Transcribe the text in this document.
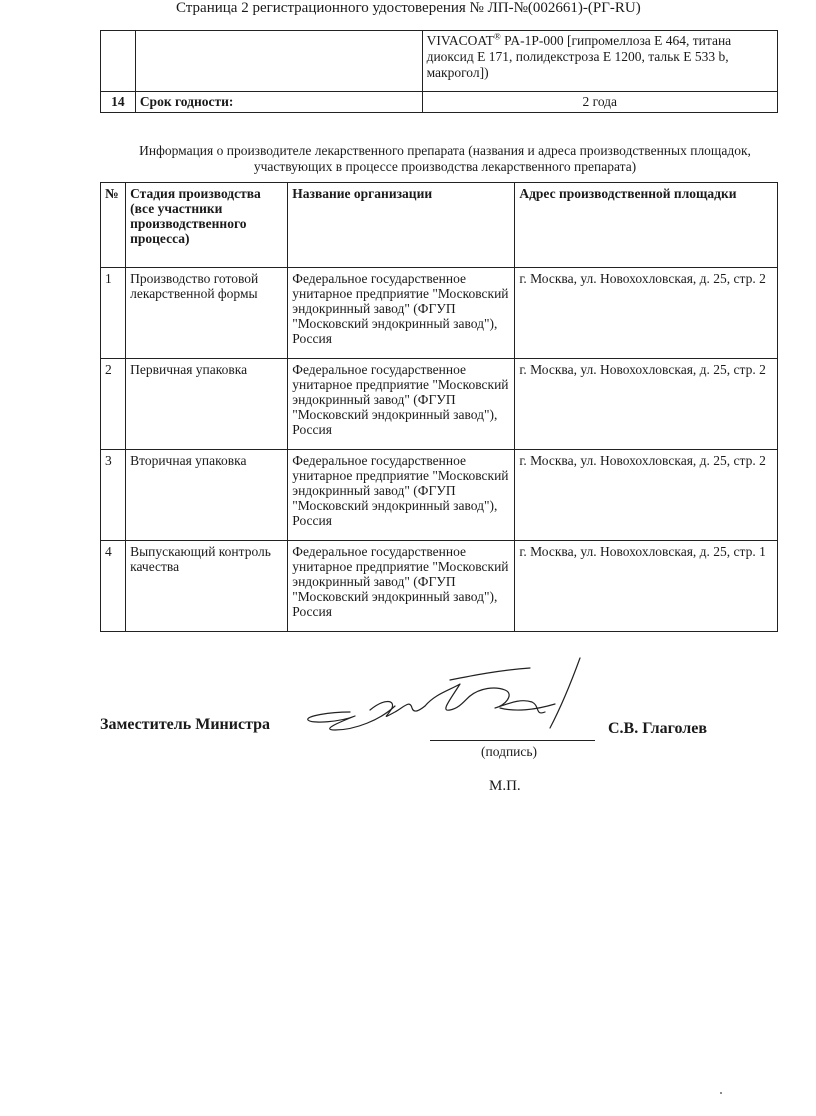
Страница 2 регистрационного удостоверения № ЛП-№(002661)-(РГ-RU)
		VIVACOAT® PA-1P-000 [гипромеллоза Е 464, титана диоксид Е 171, полидекстроза Е 1200, тальк Е 533 b, макрогол])
14	Срок годности:	2 года
Информация о производителе лекарственного препарата (названия и адреса производственных площадок, участвующих в процессе производства лекарственного препарата)
№	Стадия производства (все участники производственного процесса)	Название организации	Адрес производственной площадки
1	Производство готовой лекарственной формы	Федеральное государственное унитарное предприятие "Московский эндокринный завод" (ФГУП "Московский эндокринный завод"), Россия	г. Москва, ул. Новохохловская, д. 25, стр. 2
2	Первичная упаковка	Федеральное государственное унитарное предприятие "Московский эндокринный завод" (ФГУП "Московский эндокринный завод"), Россия	г. Москва, ул. Новохохловская, д. 25, стр. 2
3	Вторичная упаковка	Федеральное государственное унитарное предприятие "Московский эндокринный завод" (ФГУП "Московский эндокринный завод"), Россия	г. Москва, ул. Новохохловская, д. 25, стр. 2
4	Выпускающий контроль качества	Федеральное государственное унитарное предприятие "Московский эндокринный завод" (ФГУП "Московский эндокринный завод"), Россия	г. Москва, ул. Новохохловская, д. 25, стр. 1
Заместитель Министра	С.В. Глаголев
(подпись)
М.П.
